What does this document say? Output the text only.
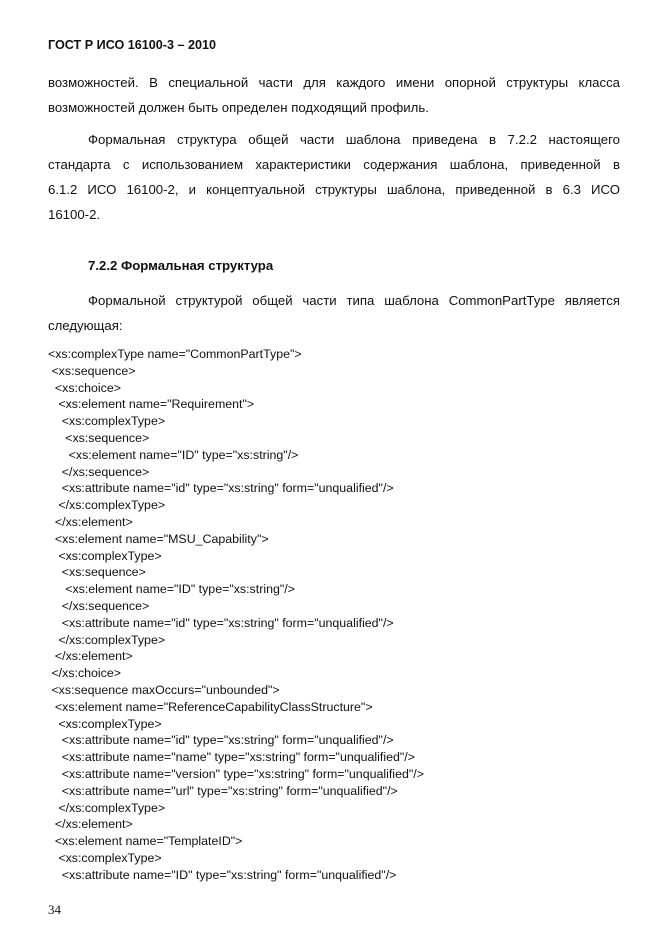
ГОСТ Р ИСО 16100-3 – 2010
возможностей. В специальной части для каждого имени опорной структуры класса
возможностей должен быть определен подходящий профиль.
Формальная структура общей части шаблона приведена в 7.2.2 настоящего
стандарта с использованием характеристики содержания шаблона, приведенной в
6.1.2 ИСО 16100-2, и концептуальной структуры шаблона, приведенной в 6.3 ИСО
16100-2.
7.2.2 Формальная структура
Формальной структурой общей части типа шаблона CommonPartType является
следующая:
<xs:complexType name="CommonPartType">
<xs:sequence>
<xs:choice>
<xs:element name="Requirement">
<xs:complexType>
<xs:sequence>
<xs:element name="ID" type="xs:string"/>
</xs:sequence>
<xs:attribute name="id" type="xs:string" form="unqualified"/>
</xs:complexType>
</xs:element>
<xs:element name="MSU_Capability">
<xs:complexType>
<xs:sequence>
<xs:element name="ID" type="xs:string"/>
</xs:sequence>
<xs:attribute name="id" type="xs:string" form="unqualified"/>
</xs:complexType>
</xs:element>
</xs:choice>
<xs:sequence maxOccurs="unbounded">
<xs:element name="ReferenceCapabilityClassStructure">
<xs:complexType>
<xs:attribute name="id" type="xs:string" form="unqualified"/>
<xs:attribute name="name" type="xs:string" form="unqualified"/>
<xs:attribute name="version" type="xs:string" form="unqualified"/>
<xs:attribute name="url" type="xs:string" form="unqualified"/>
</xs:complexType>
</xs:element>
<xs:element name="TemplateID">
<xs:complexType>
<xs:attribute name="ID" type="xs:string" form="unqualified"/>
34
